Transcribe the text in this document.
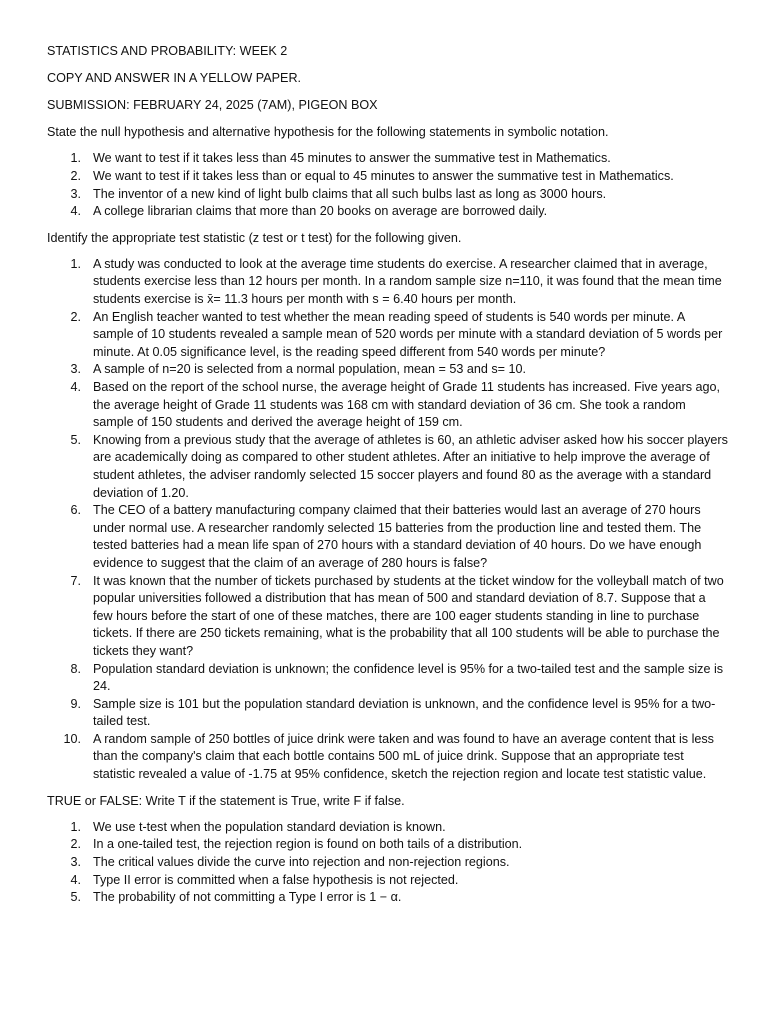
STATISTICS AND PROBABILITY: WEEK 2
COPY AND ANSWER IN A YELLOW PAPER.
SUBMISSION: FEBRUARY 24, 2025 (7AM), PIGEON BOX
State the null hypothesis and alternative hypothesis for the following statements in symbolic notation.
1. We want to test if it takes less than 45 minutes to answer the summative test in Mathematics.
2. We want to test if it takes less than or equal to 45 minutes to answer the summative test in Mathematics.
3. The inventor of a new kind of light bulb claims that all such bulbs last as long as 3000 hours.
4. A college librarian claims that more than 20 books on average are borrowed daily.
Identify the appropriate test statistic (z test or t test) for the following given.
1. A study was conducted to look at the average time students do exercise. A researcher claimed that in average, students exercise less than 12 hours per month. In a random sample size n=110, it was found that the mean time students exercise is x̄= 11.3 hours per month with s = 6.40 hours per month.
2. An English teacher wanted to test whether the mean reading speed of students is 540 words per minute. A sample of 10 students revealed a sample mean of 520 words per minute with a standard deviation of 5 words per minute. At 0.05 significance level, is the reading speed different from 540 words per minute?
3. A sample of n=20 is selected from a normal population, mean = 53 and s= 10.
4. Based on the report of the school nurse, the average height of Grade 11 students has increased. Five years ago, the average height of Grade 11 students was 168 cm with standard deviation of 36 cm. She took a random sample of 150 students and derived the average height of 159 cm.
5. Knowing from a previous study that the average of athletes is 60, an athletic adviser asked how his soccer players are academically doing as compared to other student athletes. After an initiative to help improve the average of student athletes, the adviser randomly selected 15 soccer players and found 80 as the average with a standard deviation of 1.20.
6. The CEO of a battery manufacturing company claimed that their batteries would last an average of 270 hours under normal use. A researcher randomly selected 15 batteries from the production line and tested them. The tested batteries had a mean life span of 270 hours with a standard deviation of 40 hours. Do we have enough evidence to suggest that the claim of an average of 280 hours is false?
7. It was known that the number of tickets purchased by students at the ticket window for the volleyball match of two popular universities followed a distribution that has mean of 500 and standard deviation of 8.7. Suppose that a few hours before the start of one of these matches, there are 100 eager students standing in line to purchase tickets. If there are 250 tickets remaining, what is the probability that all 100 students will be able to purchase the tickets they want?
8. Population standard deviation is unknown; the confidence level is 95% for a two-tailed test and the sample size is 24.
9. Sample size is 101 but the population standard deviation is unknown, and the confidence level is 95% for a two-tailed test.
10. A random sample of 250 bottles of juice drink were taken and was found to have an average content that is less than the company's claim that each bottle contains 500 mL of juice drink. Suppose that an appropriate test statistic revealed a value of -1.75 at 95% confidence, sketch the rejection region and locate test statistic value.
TRUE or FALSE: Write T if the statement is True, write F if false.
1. We use t-test when the population standard deviation is known.
2. In a one-tailed test, the rejection region is found on both tails of a distribution.
3. The critical values divide the curve into rejection and non-rejection regions.
4. Type II error is committed when a false hypothesis is not rejected.
5. The probability of not committing a Type I error is 1 − α.
